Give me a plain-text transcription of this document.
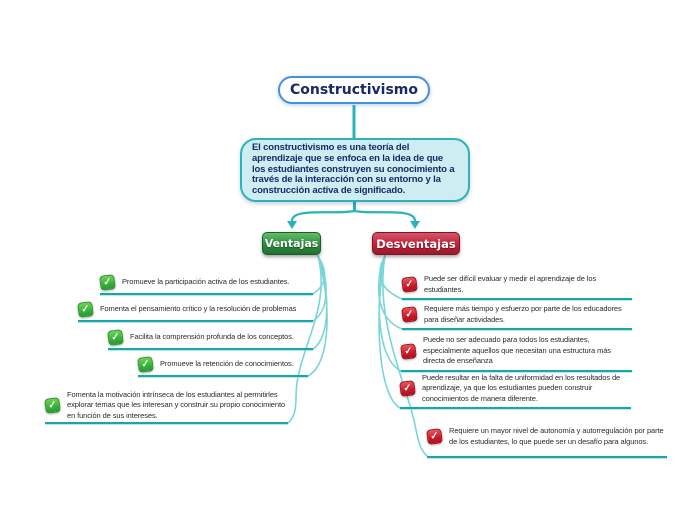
Constructivismo

El constructivismo es una teoría del aprendizaje que se enfoca en la idea de que los estudiantes construyen su conocimiento a través de la interacción con su entorno y la construcción activa de significado.

Ventajas	Desventajas
✓	Promueve la participación activa de los estudiantes.
✓	Fomenta el pensamiento crítico y la resolución de problemas
✓	Facilita la comprensión profunda de los conceptos.
✓	Promueve la retención de conocimientos.
✓
Fomenta la motivación intrínseca de los estudiantes al permitirles explorar temas que les interesan y construir su propio conocimiento en función de sus intereses.
✓	Puede ser difícil evaluar y medir el aprendizaje de los estudiantes.
✓	Requiere más tiempo y esfuerzo por parte de los educadores para diseñar actividades.
✓
Puede no ser adecuado para todos los estudiantes, especialmente aquellos que necesitan una estructura más directa de enseñanza
✓
Puede resultar en la falta de uniformidad en los resultados de aprendizaje, ya que los estudiantes pueden construir conocimientos de manera diferente.
✓	Requiere un mayor nivel de autonomía y autorregulación por parte de los estudiantes, lo que puede ser un desafío para algunos.
